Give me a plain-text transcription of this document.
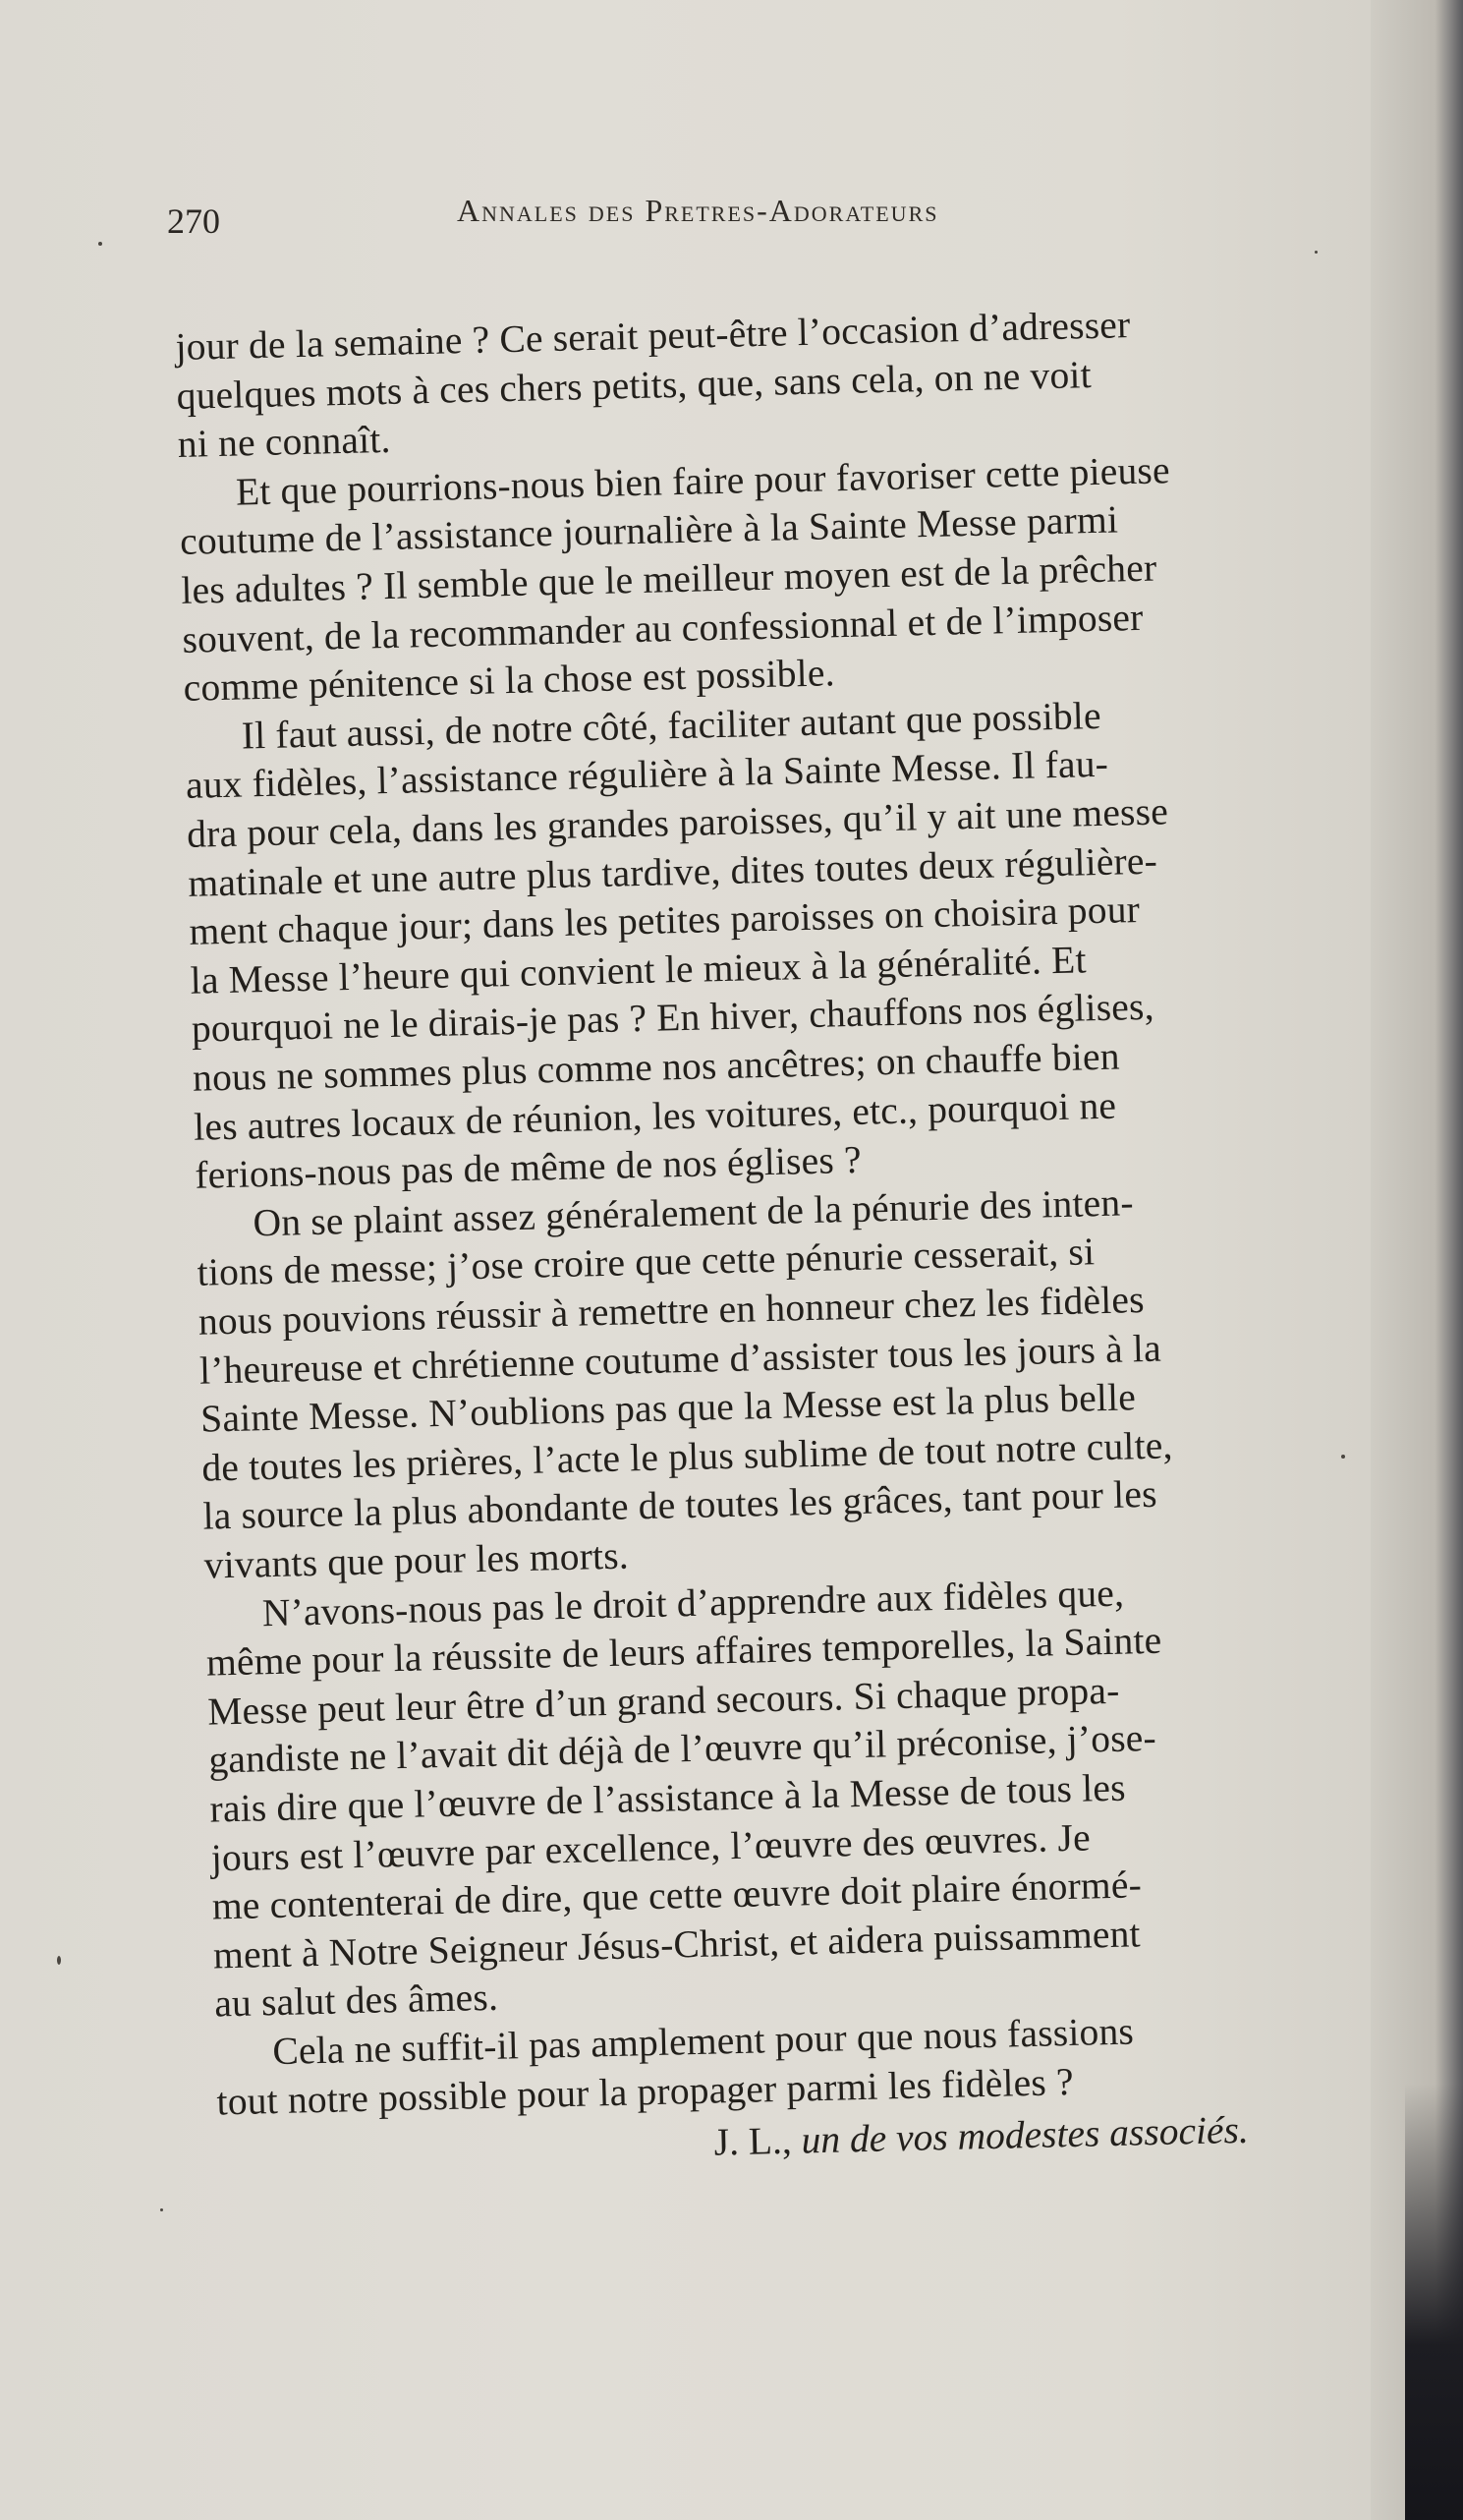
270	Annales des Pretres-Adorateurs
jour de la semaine ? Ce serait peut-être l’occasion d’adresser
quelques mots à ces chers petits, que, sans cela, on ne voit
ni ne connaît.
Et que pourrions-nous bien faire pour favoriser cette pieuse
coutume de l’assistance journalière à la Sainte Messe parmi
les adultes ? Il semble que le meilleur moyen est de la prêcher
souvent, de la recommander au confessionnal et de l’imposer
comme pénitence si la chose est possible.
Il faut aussi, de notre côté, faciliter autant que possible
aux fidèles, l’assistance régulière à la Sainte Messe. Il fau-
dra pour cela, dans les grandes paroisses, qu’il y ait une messe
matinale et une autre plus tardive, dites toutes deux régulière-
ment chaque jour; dans les petites paroisses on choisira pour
la Messe l’heure qui convient le mieux à la généralité. Et
pourquoi ne le dirais-je pas ? En hiver, chauffons nos églises,
nous ne sommes plus comme nos ancêtres; on chauffe bien
les autres locaux de réunion, les voitures, etc., pourquoi ne
ferions-nous pas de même de nos églises ?
On se plaint assez généralement de la pénurie des inten-
tions de messe; j’ose croire que cette pénurie cesserait, si
nous pouvions réussir à remettre en honneur chez les fidèles
l’heureuse et chrétienne coutume d’assister tous les jours à la
Sainte Messe. N’oublions pas que la Messe est la plus belle
de toutes les prières, l’acte le plus sublime de tout notre culte,
la source la plus abondante de toutes les grâces, tant pour les
vivants que pour les morts.
N’avons-nous pas le droit d’apprendre aux fidèles que,
même pour la réussite de leurs affaires temporelles, la Sainte
Messe peut leur être d’un grand secours. Si chaque propa-
gandiste ne l’avait dit déjà de l’œuvre qu’il préconise, j’ose-
rais dire que l’œuvre de l’assistance à la Messe de tous les
jours est l’œuvre par excellence, l’œuvre des œuvres. Je
me contenterai de dire, que cette œuvre doit plaire énormé-
ment à Notre Seigneur Jésus-Christ, et aidera puissamment
au salut des âmes.
Cela ne suffit-il pas amplement pour que nous fassions
tout notre possible pour la propager parmi les fidèles ?
J. L., un de vos modestes associés.
